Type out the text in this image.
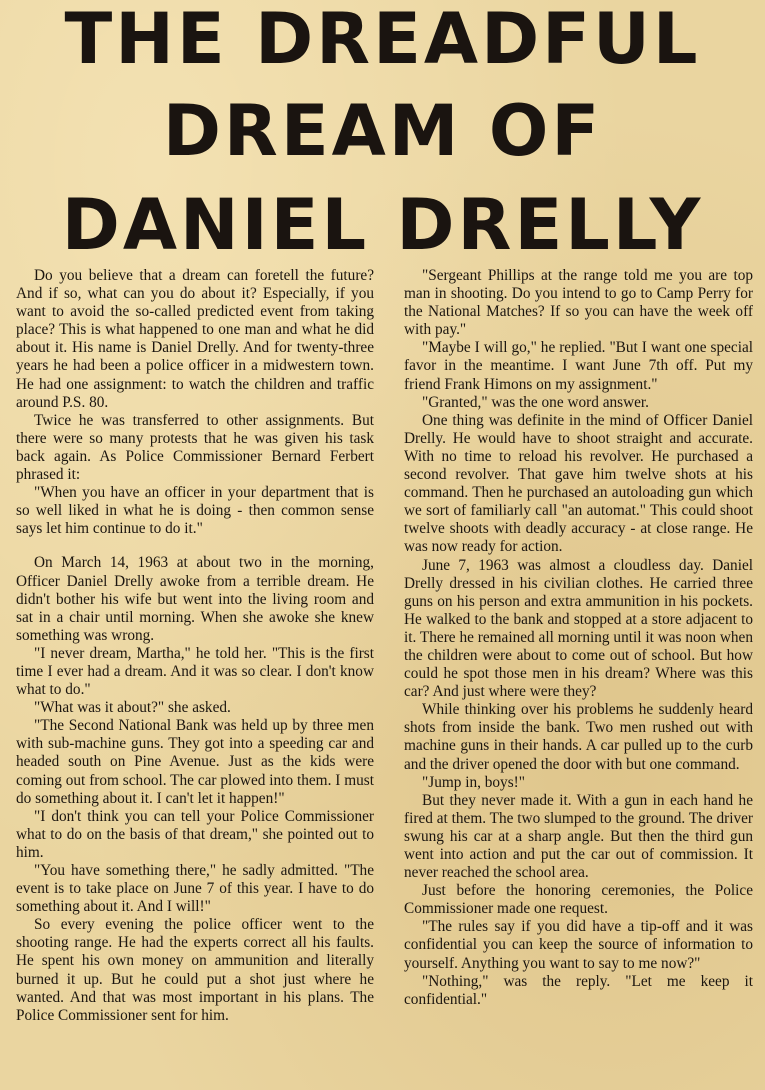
THE DREADFUL
DREAM OF
DANIEL DRELLY

Do you believe that a dream can foretell the future? And if so, what can you do about it? Especially, if you want to avoid the so-called predicted event from taking place? This is what happened to one man and what he did about it. His name is Daniel Drelly. And for twenty-three years he had been a police officer in a midwestern town. He had one assignment: to watch the children and traffic around P.S. 80.

Twice he was transferred to other assignments. But there were so many protests that he was given his task back again. As Police Commissioner Bernard Ferbert phrased it:

"When you have an officer in your department that is so well liked in what he is doing - then common sense says let him continue to do it."

On March 14, 1963 at about two in the morning, Officer Daniel Drelly awoke from a terrible dream. He didn't bother his wife but went into the living room and sat in a chair until morning. When she awoke she knew something was wrong.

"I never dream, Martha," he told her. "This is the first time I ever had a dream. And it was so clear. I don't know what to do."

"What was it about?" she asked.

"The Second National Bank was held up by three men with sub-machine guns. They got into a speeding car and headed south on Pine Avenue. Just as the kids were coming out from school. The car plowed into them. I must do something about it. I can't let it happen!"

"I don't think you can tell your Police Commissioner what to do on the basis of that dream," she pointed out to him.

"You have something there," he sadly admitted. "The event is to take place on June 7 of this year. I have to do something about it. And I will!"

So every evening the police officer went to the shooting range. He had the experts correct all his faults. He spent his own money on ammunition and literally burned it up. But he could put a shot just where he wanted. And that was most important in his plans. The Police Commissioner sent for him.

"Sergeant Phillips at the range told me you are top man in shooting. Do you intend to go to Camp Perry for the National Matches? If so you can have the week off with pay."

"Maybe I will go," he replied. "But I want one special favor in the meantime. I want June 7th off. Put my friend Frank Himons on my assignment."

"Granted," was the one word answer.

One thing was definite in the mind of Officer Daniel Drelly. He would have to shoot straight and accurate. With no time to reload his revolver. He purchased a second revolver. That gave him twelve shots at his command. Then he purchased an autoloading gun which we sort of familiarly call "an automat." This could shoot twelve shoots with deadly accuracy - at close range. He was now ready for action.

June 7, 1963 was almost a cloudless day. Daniel Drelly dressed in his civilian clothes. He carried three guns on his person and extra ammunition in his pockets. He walked to the bank and stopped at a store adjacent to it. There he remained all morning until it was noon when the children were about to come out of school. But how could he spot those men in his dream? Where was this car? And just where were they?

While thinking over his problems he suddenly heard shots from inside the bank. Two men rushed out with machine guns in their hands. A car pulled up to the curb and the driver opened the door with but one command.

"Jump in, boys!"

But they never made it. With a gun in each hand he fired at them. The two slumped to the ground. The driver swung his car at a sharp angle. But then the third gun went into action and put the car out of commission. It never reached the school area.

Just before the honoring ceremonies, the Police Commissioner made one request.

"The rules say if you did have a tip-off and it was confidential you can keep the source of information to yourself. Anything you want to say to me now?"

"Nothing," was the reply. "Let me keep it confidential."
